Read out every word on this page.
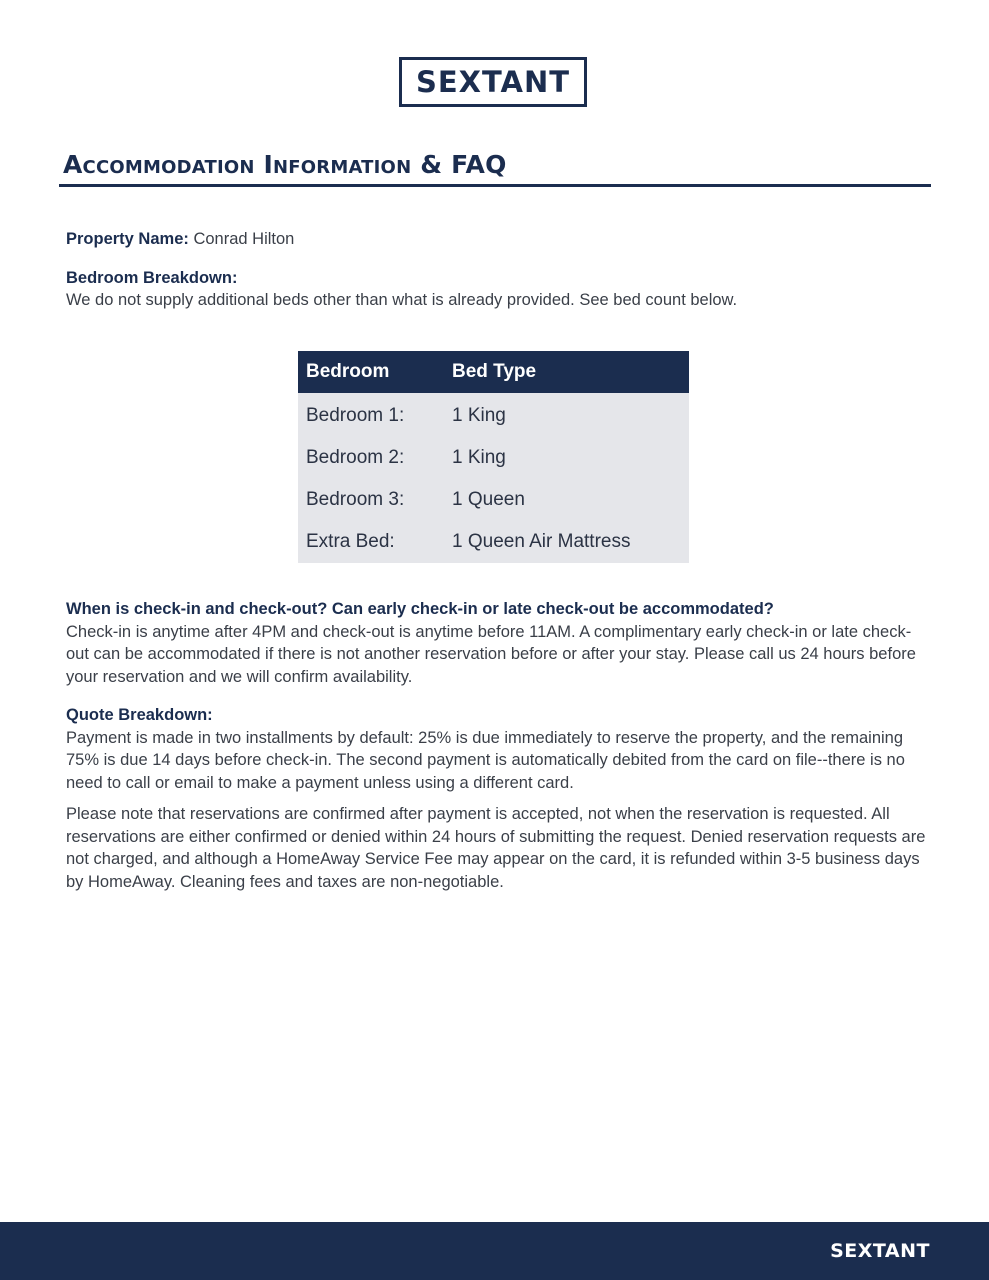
SEXTANT
Accommodation Information & FAQ

Property Name: Conrad Hilton

Bedroom Breakdown:

We do not supply additional beds other than what is already provided. See bed count below.

Bedroom	Bed Type
Bedroom 1:	1 King
Bedroom 2:	1 King
Bedroom 3:	1 Queen
Extra Bed:	1 Queen Air Mattress

When is check-in and check-out? Can early check-in or late check-out be accommodated?

Check-in is anytime after 4PM and check-out is anytime before 11AM. A complimentary early check-in or late check-out can be accommodated if there is not another reservation before or after your stay. Please call us 24 hours before your reservation and we will confirm availability.

Quote Breakdown:

Payment is made in two installments by default: 25% is due immediately to reserve the property, and the remaining 75% is due 14 days before check-in. The second payment is automatically debited from the card on file--there is no need to call or email to make a payment unless using a different card.

Please note that reservations are confirmed after payment is accepted, not when the reservation is requested. All reservations are either confirmed or denied within 24 hours of submitting the request. Denied reservation requests are not charged, and although a HomeAway Service Fee may appear on the card, it is refunded within 3-5 business days by HomeAway. Cleaning fees and taxes are non-negotiable.

SEXTANT
